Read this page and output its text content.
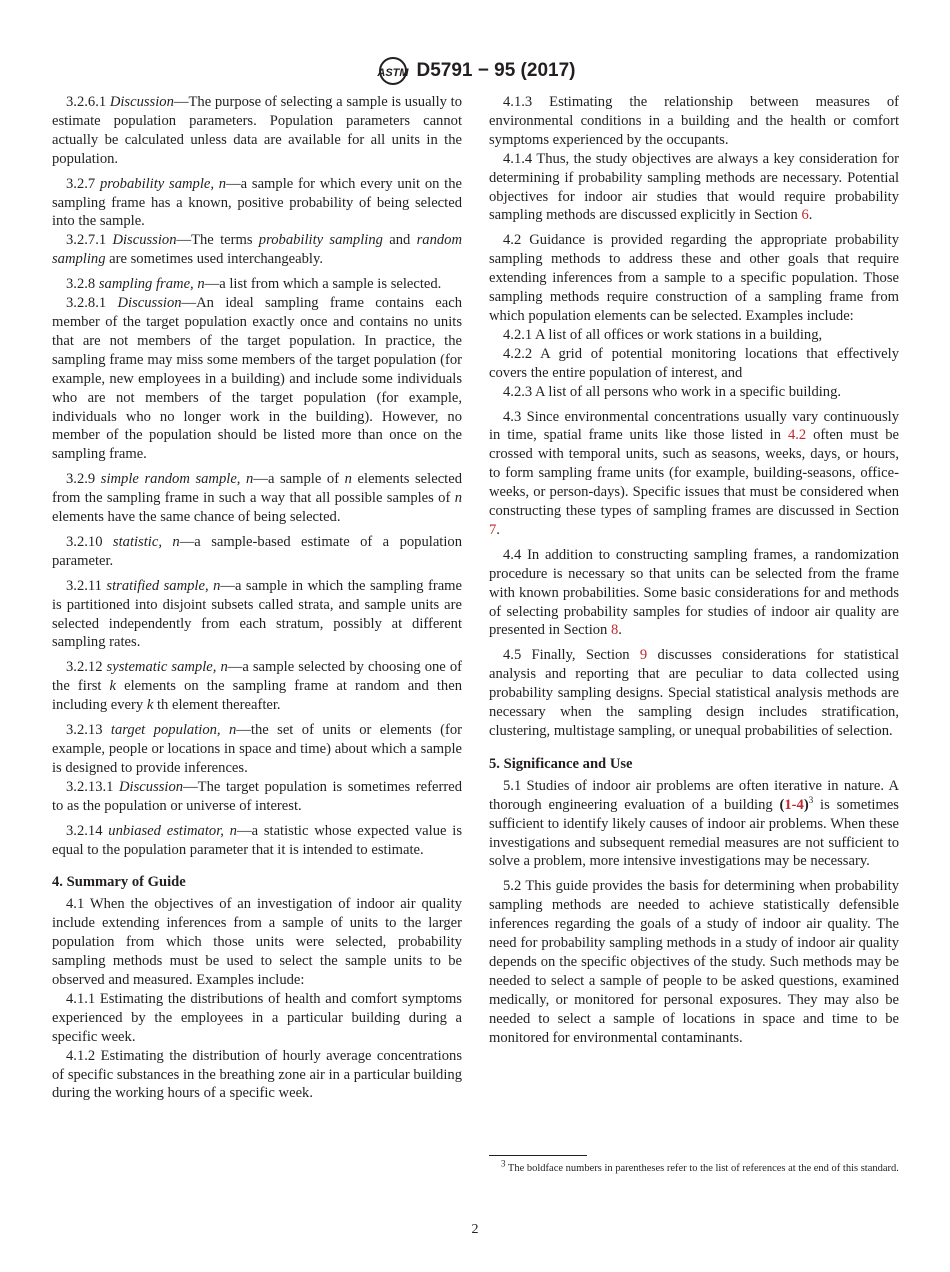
ASTM D5791 − 95 (2017)

3.2.6.1 Discussion—The purpose of selecting a sample is usually to estimate population parameters. Population parameters cannot actually be calculated unless data are available for all units in the population.

3.2.7 probability sample, n—a sample for which every unit on the sampling frame has a known, positive probability of being selected into the sample.

3.2.7.1 Discussion—The terms probability sampling and random sampling are sometimes used interchangeably.

3.2.8 sampling frame, n—a list from which a sample is selected.

3.2.8.1 Discussion—An ideal sampling frame contains each member of the target population exactly once and contains no units that are not members of the target population. In practice, the sampling frame may miss some members of the target population (for example, new employees in a building) and include some individuals who are not members of the target population (for example, individuals who no longer work in the building). However, no member of the population should be listed more than once on the sampling frame.

3.2.9 simple random sample, n—a sample of n elements selected from the sampling frame in such a way that all possible samples of n elements have the same chance of being selected.

3.2.10 statistic, n—a sample-based estimate of a population parameter.

3.2.11 stratified sample, n—a sample in which the sampling frame is partitioned into disjoint subsets called strata, and sample units are selected independently from each stratum, possibly at different sampling rates.

3.2.12 systematic sample, n—a sample selected by choosing one of the first k elements on the sampling frame at random and then including every k th element thereafter.

3.2.13 target population, n—the set of units or elements (for example, people or locations in space and time) about which a sample is designed to provide inferences.

3.2.13.1 Discussion—The target population is sometimes referred to as the population or universe of interest.

3.2.14 unbiased estimator, n—a statistic whose expected value is equal to the population parameter that it is intended to estimate.

4. Summary of Guide

4.1 When the objectives of an investigation of indoor air quality include extending inferences from a sample of units to the larger population from which those units were selected, probability sampling methods must be used to select the sample units to be observed and measured. Examples include:

4.1.1 Estimating the distributions of health and comfort symptoms experienced by the employees in a particular building during a specific week.

4.1.2 Estimating the distribution of hourly average concentrations of specific substances in the breathing zone air in a particular building during the working hours of a specific week.

4.1.3 Estimating the relationship between measures of environmental conditions in a building and the health or comfort symptoms experienced by the occupants.

4.1.4 Thus, the study objectives are always a key consideration for determining if probability sampling methods are necessary. Potential objectives for indoor air studies that would require probability sampling methods are discussed explicitly in Section 6.

4.2 Guidance is provided regarding the appropriate probability sampling methods to address these and other goals that require extending inferences from a sample to a specific population. Those sampling methods require construction of a sampling frame from which population elements can be selected. Examples include:

4.2.1 A list of all offices or work stations in a building,

4.2.2 A grid of potential monitoring locations that effectively covers the entire population of interest, and

4.2.3 A list of all persons who work in a specific building.

4.3 Since environmental concentrations usually vary continuously in time, spatial frame units like those listed in 4.2 often must be crossed with temporal units, such as seasons, weeks, days, or hours, to form sampling frame units (for example, building-seasons, office-weeks, or person-days). Specific issues that must be considered when constructing these types of sampling frames are discussed in Section 7.

4.4 In addition to constructing sampling frames, a randomization procedure is necessary so that units can be selected from the frame with known probabilities. Some basic considerations for and methods of selecting probability samples for studies of indoor air quality are presented in Section 8.

4.5 Finally, Section 9 discusses considerations for statistical analysis and reporting that are peculiar to data collected using probability sampling designs. Special statistical analysis methods are necessary when the sampling design includes stratification, clustering, multistage sampling, or unequal probabilities of selection.

5. Significance and Use

5.1 Studies of indoor air problems are often iterative in nature. A thorough engineering evaluation of a building $(1-4)^3$ is sometimes sufficient to identify likely causes of indoor air problems. When these investigations and subsequent remedial measures are not sufficient to solve a problem, more intensive investigations may be necessary.

5.2 This guide provides the basis for determining when probability sampling methods are needed to achieve statistically defensible inferences regarding the goals of a study of indoor air quality. The need for probability sampling methods in a study of indoor air quality depends on the specific objectives of the study. Such methods may be needed to select a sample of people to be asked questions, examined medically, or monitored for personal exposures. They may also be needed to select a sample of locations in space and time to be monitored for environmental contaminants.

3 The boldface numbers in parentheses refer to the list of references at the end of this standard.
2
